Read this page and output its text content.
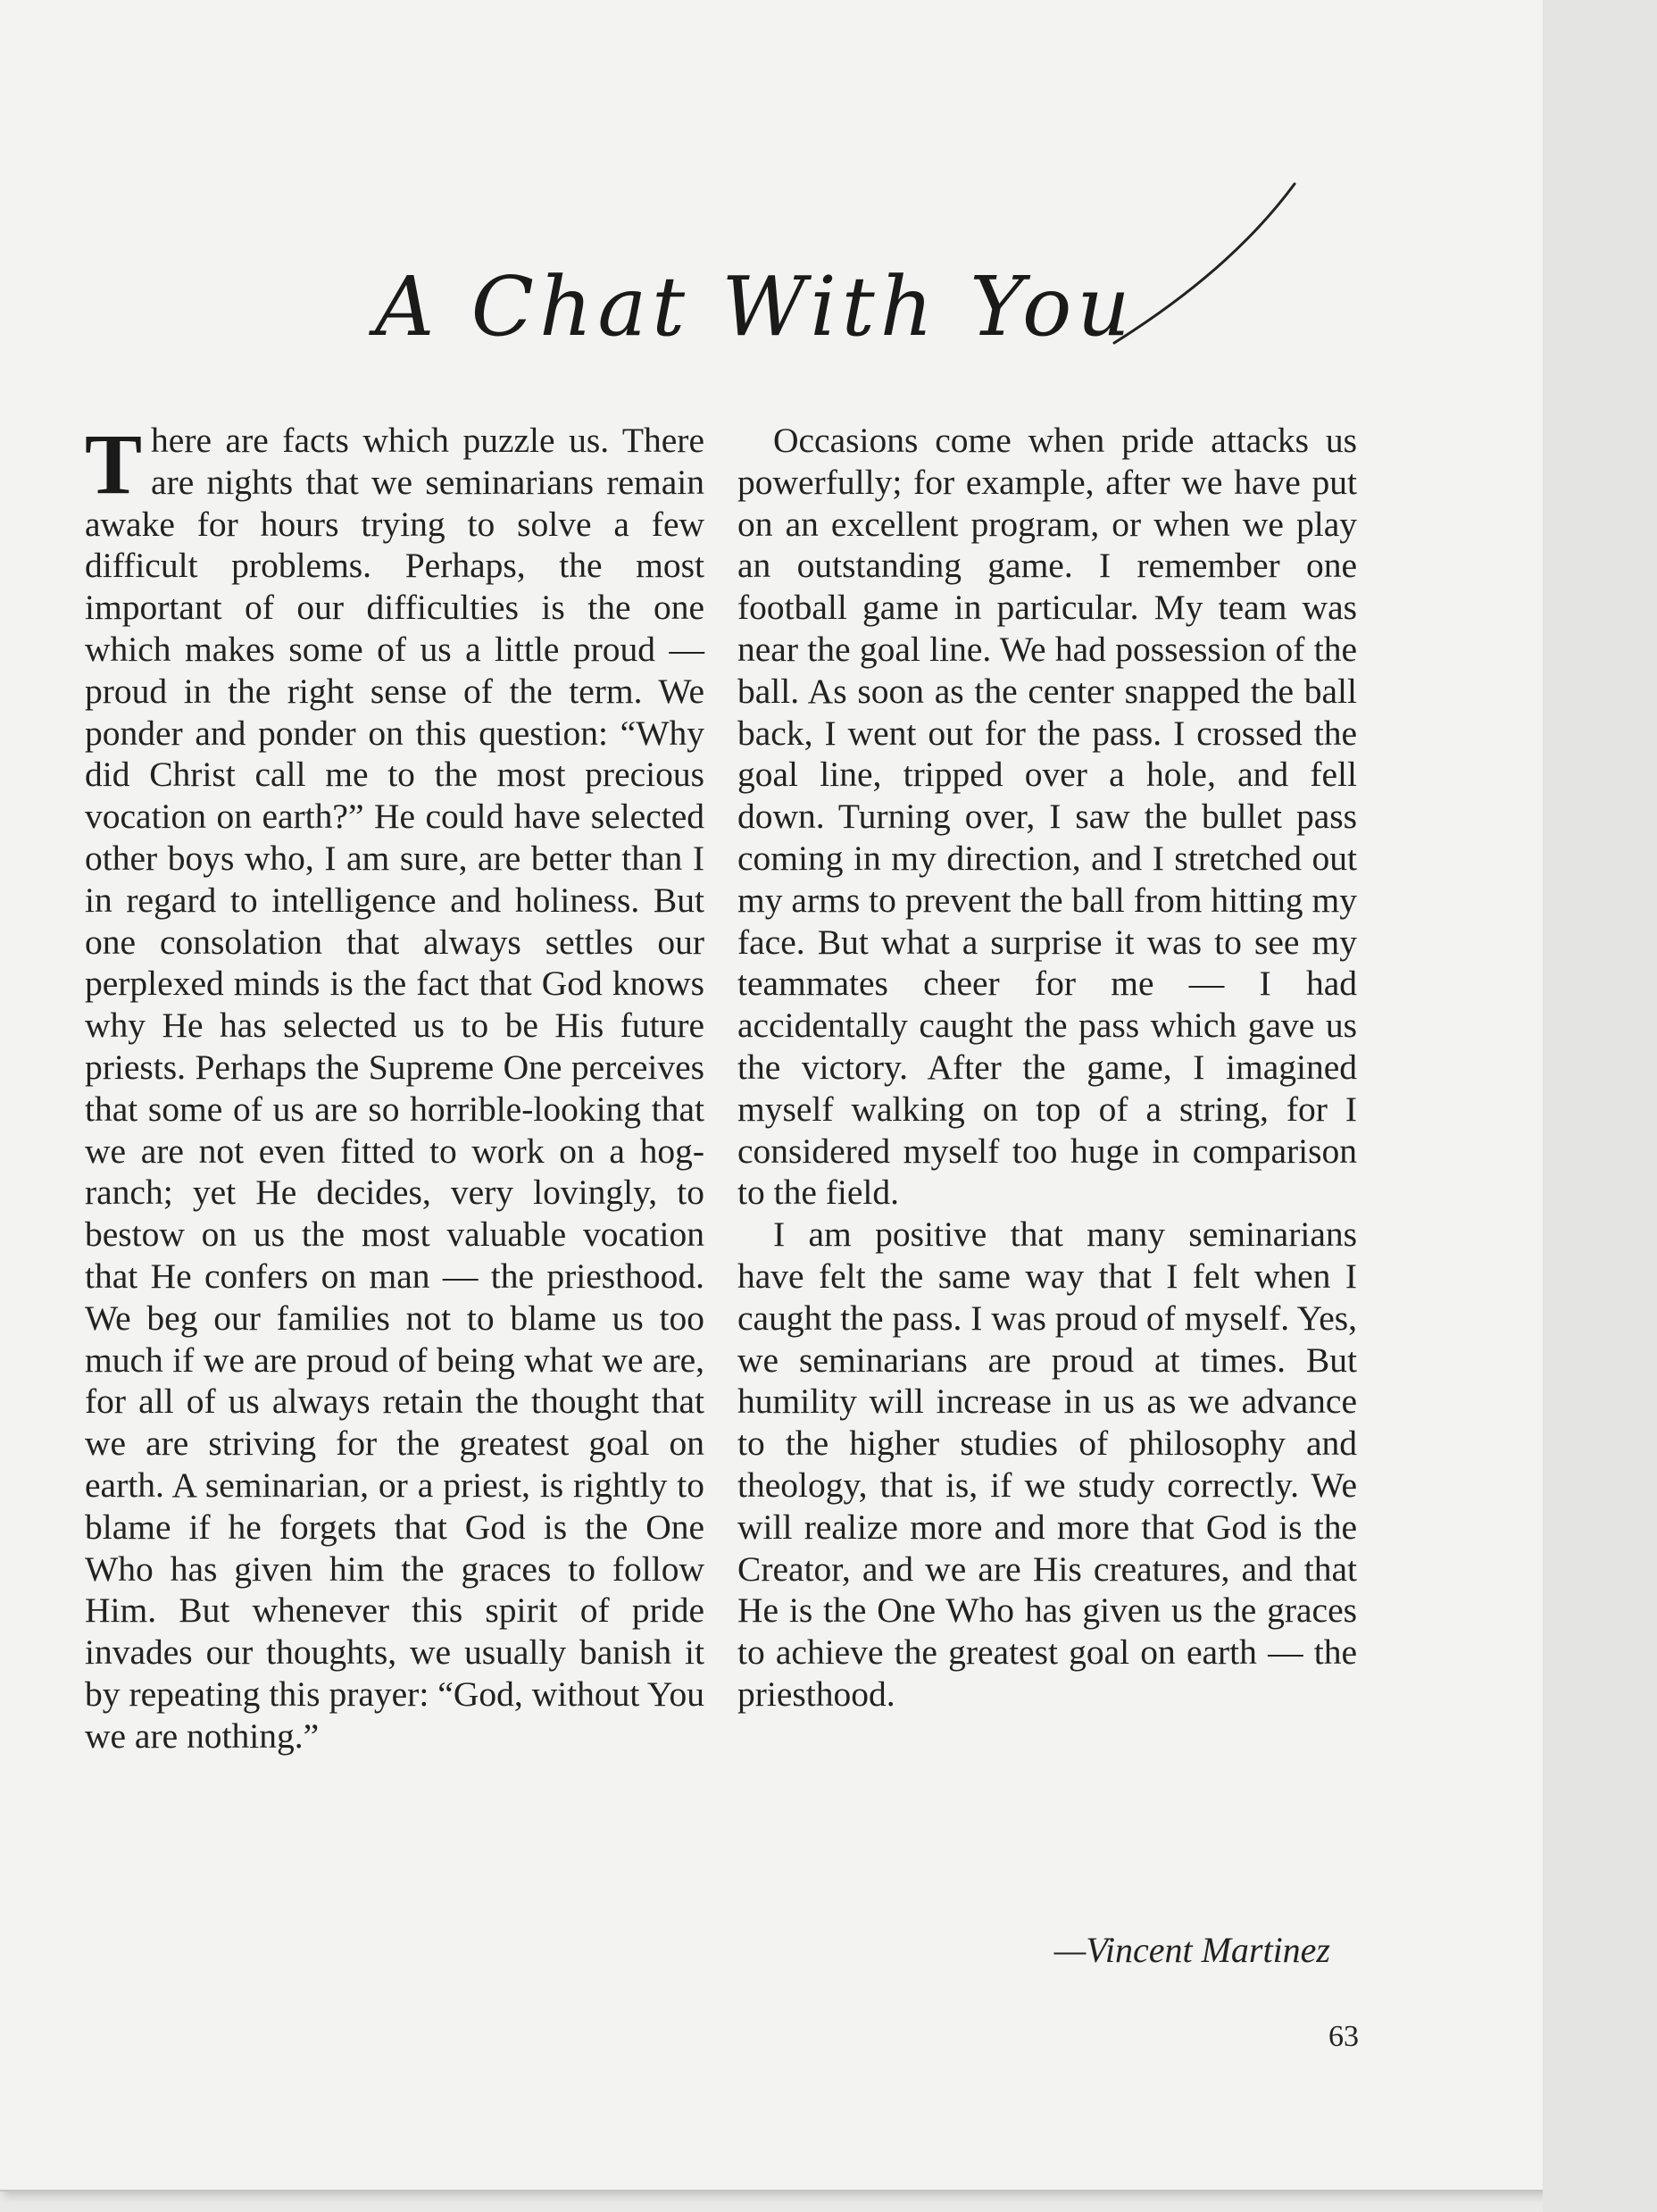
A Chat With You

There are facts which puzzle us. There are nights that we seminarians remain awake for hours trying to solve a few difficult problems. Perhaps, the most important of our difficulties is the one which makes some of us a little proud — proud in the right sense of the term. We ponder and ponder on this question: “Why did Christ call me to the most precious vocation on earth?” He could have selected other boys who, I am sure, are better than I in regard to intelligence and holiness. But one consolation that always settles our perplexed minds is the fact that God knows why He has selected us to be His future priests. Perhaps the Supreme One perceives that some of us are so horrible-looking that we are not even fitted to work on a hog-ranch; yet He decides, very lovingly, to bestow on us the most valuable vocation that He confers on man — the priesthood. We beg our families not to blame us too much if we are proud of being what we are, for all of us always retain the thought that we are striving for the greatest goal on earth. A seminarian, or a priest, is rightly to blame if he forgets that God is the One Who has given him the graces to follow Him. But whenever this spirit of pride invades our thoughts, we usually banish it by repeating this prayer: “God, without You we are nothing.”

Occasions come when pride attacks us powerfully; for example, after we have put on an excellent program, or when we play an outstanding game. I remember one football game in particular. My team was near the goal line. We had possession of the ball. As soon as the center snapped the ball back, I went out for the pass. I crossed the goal line, tripped over a hole, and fell down. Turning over, I saw the bullet pass coming in my direction, and I stretched out my arms to prevent the ball from hitting my face. But what a surprise it was to see my teammates cheer for me — I had accidentally caught the pass which gave us the victory. After the game, I imagined myself walking on top of a string, for I considered myself too huge in comparison to the field.

I am positive that many seminarians have felt the same way that I felt when I caught the pass. I was proud of myself. Yes, we seminarians are proud at times. But humility will increase in us as we advance to the higher studies of philosophy and theology, that is, if we study correctly. We will realize more and more that God is the Creator, and we are His creatures, and that He is the One Who has given us the graces to achieve the greatest goal on earth — the priesthood.

—Vincent Martinez
63
